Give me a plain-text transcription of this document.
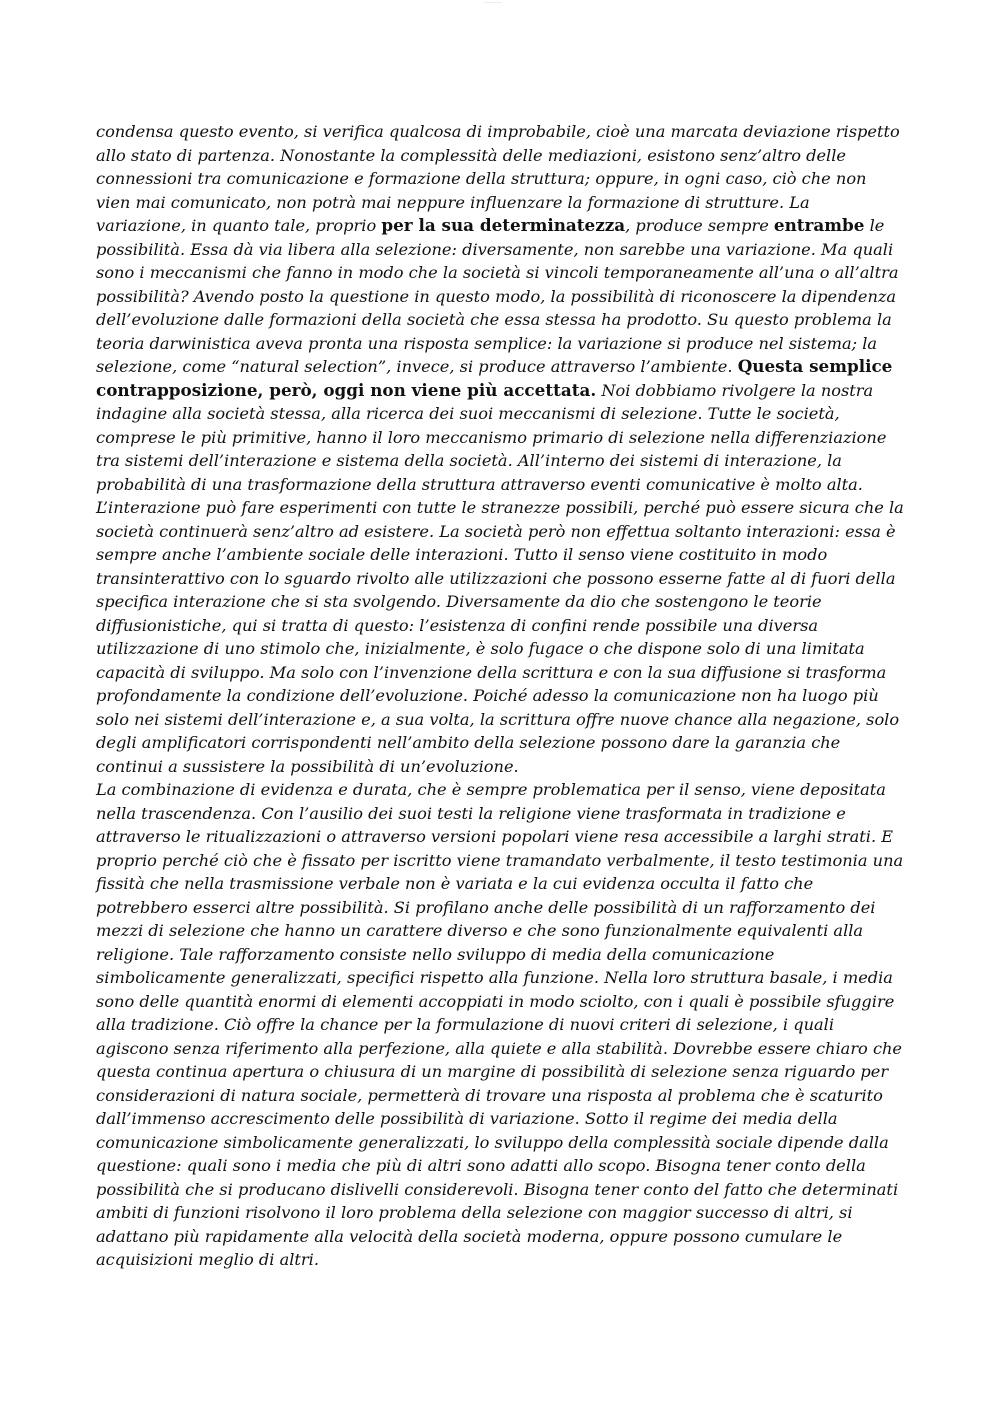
——————

condensa questo evento, si verifica qualcosa di improbabile, cioè una marcata deviazione rispetto allo stato di partenza. Nonostante la complessità delle mediazioni, esistono senz’altro delle connessioni tra comunicazione e formazione della struttura; oppure, in ogni caso, ciò che non vien mai comunicato, non potrà mai neppure influenzare la formazione di strutture. La variazione, in quanto tale, proprio per la sua determinatezza, produce sempre entrambe le possibilità. Essa dà via libera alla selezione: diversamente, non sarebbe una variazione. Ma quali sono i meccanismi che fanno in modo che la società si vincoli temporaneamente all’una o all’altra possibilità? Avendo posto la questione in questo modo, la possibilità di riconoscere la dipendenza dell’evoluzione dalle formazioni della società che essa stessa ha prodotto. Su questo problema la teoria darwinistica aveva pronta una risposta semplice: la variazione si produce nel sistema; la selezione, come “natural selection”, invece, si produce attraverso l’ambiente. Questa semplice contrapposizione, però, oggi non viene più accettata. Noi dobbiamo rivolgere la nostra indagine alla società stessa, alla ricerca dei suoi meccanismi di selezione. Tutte le società, comprese le più primitive, hanno il loro meccanismo primario di selezione nella differenziazione tra sistemi dell’interazione e sistema della società. All’interno dei sistemi di interazione, la probabilità di una trasformazione della struttura attraverso eventi comunicative è molto alta.

L’interazione può fare esperimenti con tutte le stranezze possibili, perché può essere sicura che la società continuerà senz’altro ad esistere. La società però non effettua soltanto interazioni: essa è sempre anche l’ambiente sociale delle interazioni. Tutto il senso viene costituito in modo transinterattivo con lo sguardo rivolto alle utilizzazioni che possono esserne fatte al di fuori della specifica interazione che si sta svolgendo. Diversamente da dio che sostengono le teorie diffusionistiche, qui si tratta di questo: l’esistenza di confini rende possibile una diversa utilizzazione di uno stimolo che, inizialmente, è solo fugace o che dispone solo di una limitata capacità di sviluppo. Ma solo con l’invenzione della scrittura e con la sua diffusione si trasforma profondamente la condizione dell’evoluzione. Poiché adesso la comunicazione non ha luogo più solo nei sistemi dell’interazione e, a sua volta, la scrittura offre nuove chance alla negazione, solo degli amplificatori corrispondenti nell’ambito della selezione possono dare la garanzia che continui a sussistere la possibilità di un’evoluzione.

La combinazione di evidenza e durata, che è sempre problematica per il senso, viene depositata nella trascendenza. Con l’ausilio dei suoi testi la religione viene trasformata in tradizione e attraverso le ritualizzazioni o attraverso versioni popolari viene resa accessibile a larghi strati. E proprio perché ciò che è fissato per iscritto viene tramandato verbalmente, il testo testimonia una fissità che nella trasmissione verbale non è variata e la cui evidenza occulta il fatto che potrebbero esserci altre possibilità. Si profilano anche delle possibilità di un rafforzamento dei mezzi di selezione che hanno un carattere diverso e che sono funzionalmente equivalenti alla religione. Tale rafforzamento consiste nello sviluppo di media della comunicazione simbolicamente generalizzati, specifici rispetto alla funzione. Nella loro struttura basale, i media sono delle quantità enormi di elementi accoppiati in modo sciolto, con i quali è possibile sfuggire alla tradizione. Ciò offre la chance per la formulazione di nuovi criteri di selezione, i quali agiscono senza riferimento alla perfezione, alla quiete e alla stabilità. Dovrebbe essere chiaro che questa continua apertura o chiusura di un margine di possibilità di selezione senza riguardo per considerazioni di natura sociale, permetterà di trovare una risposta al problema che è scaturito dall’immenso accrescimento delle possibilità di variazione. Sotto il regime dei media della comunicazione simbolicamente generalizzati, lo sviluppo della complessità sociale dipende dalla questione: quali sono i media che più di altri sono adatti allo scopo. Bisogna tener conto della possibilità che si producano dislivelli considerevoli. Bisogna tener conto del fatto che determinati ambiti di funzioni risolvono il loro problema della selezione con maggior successo di altri, si adattano più rapidamente alla velocità della società moderna, oppure possono cumulare le acquisizioni meglio di altri.
